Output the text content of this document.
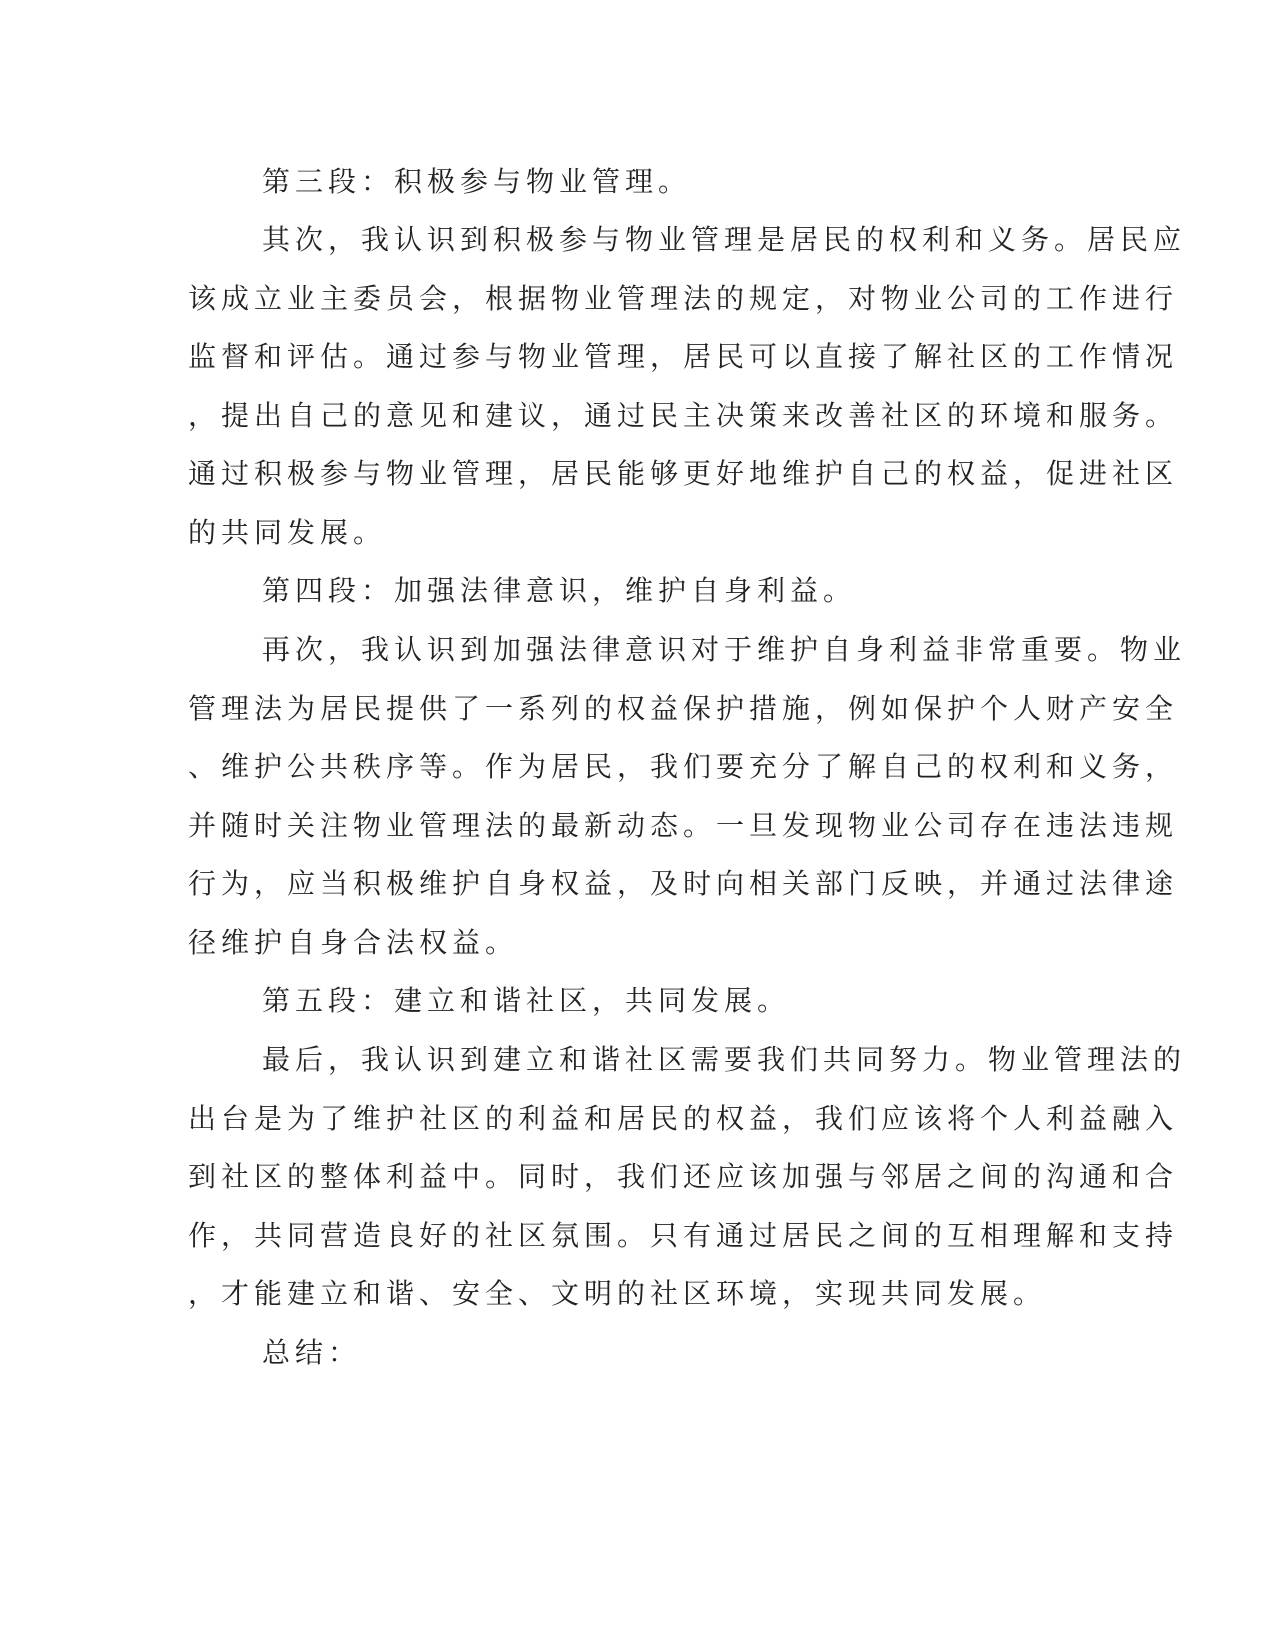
第三段：积极参与物业管理。
其次，我认识到积极参与物业管理是居民的权利和义务。居民应
该成立业主委员会，根据物业管理法的规定，对物业公司的工作进行
监督和评估。通过参与物业管理，居民可以直接了解社区的工作情况
，提出自己的意见和建议，通过民主决策来改善社区的环境和服务。
通过积极参与物业管理，居民能够更好地维护自己的权益，促进社区
的共同发展。
第四段：加强法律意识，维护自身利益。
再次，我认识到加强法律意识对于维护自身利益非常重要。物业
管理法为居民提供了一系列的权益保护措施，例如保护个人财产安全
、维护公共秩序等。作为居民，我们要充分了解自己的权利和义务，
并随时关注物业管理法的最新动态。一旦发现物业公司存在违法违规
行为，应当积极维护自身权益，及时向相关部门反映，并通过法律途
径维护自身合法权益。
第五段：建立和谐社区，共同发展。
最后，我认识到建立和谐社区需要我们共同努力。物业管理法的
出台是为了维护社区的利益和居民的权益，我们应该将个人利益融入
到社区的整体利益中。同时，我们还应该加强与邻居之间的沟通和合
作，共同营造良好的社区氛围。只有通过居民之间的互相理解和支持
，才能建立和谐、安全、文明的社区环境，实现共同发展。
总结：
